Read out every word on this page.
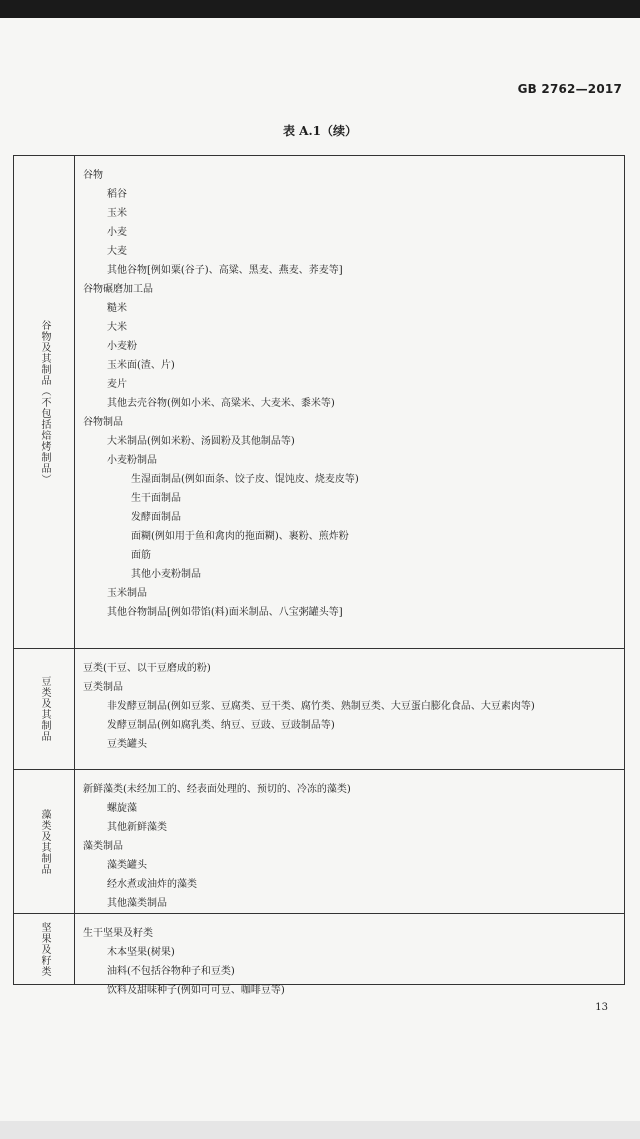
GB 2762—2017
表 A.1（续）
谷物及其制品（不包括焙烤制品）
谷物
稻谷
玉米
小麦
大麦
其他谷物[例如粟(谷子)、高粱、黑麦、燕麦、荞麦等]
谷物碾磨加工品
糙米
大米
小麦粉
玉米面(渣、片)
麦片
其他去壳谷物(例如小米、高粱米、大麦米、黍米等)
谷物制品
大米制品(例如米粉、汤圆粉及其他制品等)
小麦粉制品
生湿面制品(例如面条、饺子皮、馄饨皮、烧麦皮等)
生干面制品
发酵面制品
面糊(例如用于鱼和禽肉的拖面糊)、裹粉、煎炸粉
面筋
其他小麦粉制品
玉米制品
其他谷物制品[例如带馅(料)面米制品、八宝粥罐头等]
豆类及其制品
豆类(干豆、以干豆磨成的粉)
豆类制品
非发酵豆制品(例如豆浆、豆腐类、豆干类、腐竹类、熟制豆类、大豆蛋白膨化食品、大豆素肉等)
发酵豆制品(例如腐乳类、纳豆、豆豉、豆豉制品等)
豆类罐头
藻类及其制品
新鲜藻类(未经加工的、经表面处理的、预切的、冷冻的藻类)
螺旋藻
其他新鲜藻类
藻类制品
藻类罐头
经水煮或油炸的藻类
其他藻类制品
坚果及籽类	生干坚果及籽类
木本坚果(树果)
油料(不包括谷物种子和豆类)
饮料及甜味种子(例如可可豆、咖啡豆等)
13
